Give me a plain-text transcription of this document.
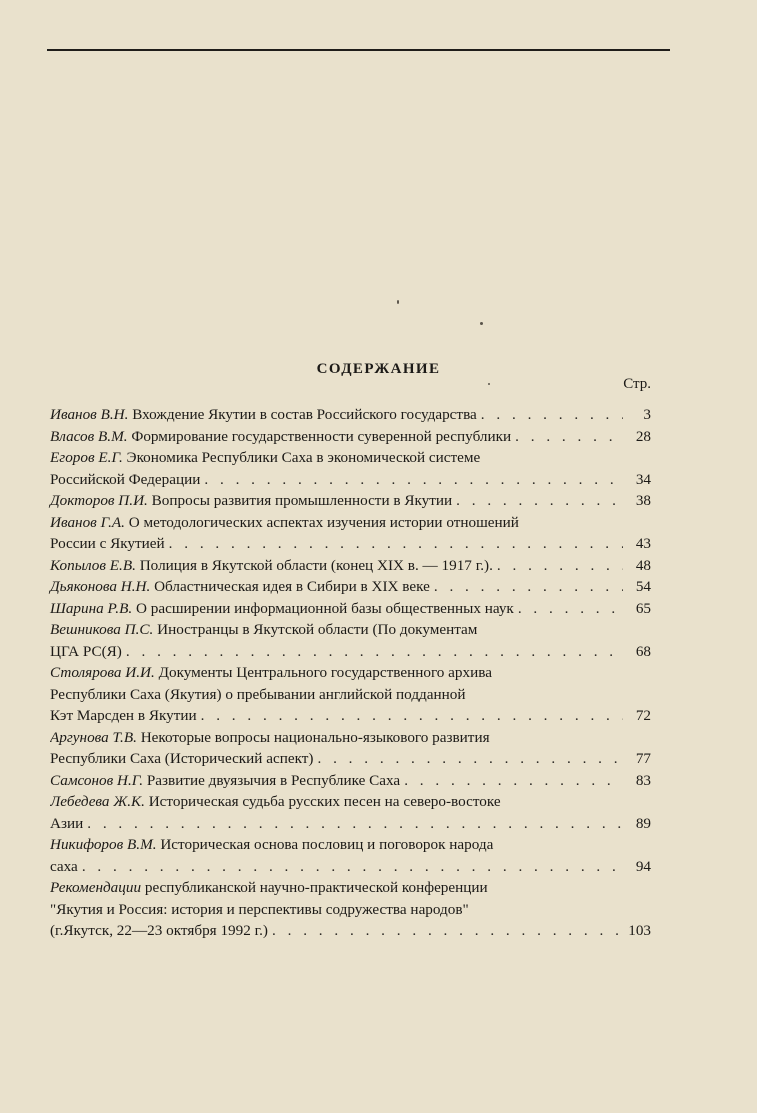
СОДЕРЖАНИЕ
Стр.
Иванов В.Н. Вхождение Якутии в состав Российского государства . . .	3
Власов В.М. Формирование государственности суверенной республики . . .	28
Егоров Е.Г. Экономика Республики Саха в экономической системе
Российской Федерации . . .	34
Докторов П.И. Вопросы развития промышленности в Якутии . . .	38
Иванов Г.А. О методологических аспектах изучения истории отношений
России с Якутией . . .	43
Копылов Е.В. Полиция в Якутской области (конец XIX в. — 1917 г.). . . .	48
Дьяконова Н.Н. Областническая идея в Сибири в XIX веке . . .	54
Шарина Р.В. О расширении информационной базы общественных наук . . .	65
Вешникова П.С. Иностранцы в Якутской области (По документам
ЦГА РС(Я) . . .	68
Столярова И.И. Документы Центрального государственного архива
Республики Саха (Якутия) о пребывании английской подданной
Кэт Марсден в Якутии . . .	72
Аргунова Т.В. Некоторые вопросы национально-языкового развития
Республики Саха (Исторический аспект) . . .	77
Самсонов Н.Г. Развитие двуязычия в Республике Саха . . .	83
Лебедева Ж.К. Историческая судьба русских песен на северо-востоке
Азии . . .	89
Никифоров В.М. Историческая основа пословиц и поговорок народа
саха . . .	94
Рекомендации республиканской научно-практической конференции
"Якутия и Россия: история и перспективы содружества народов"
(г.Якутск, 22—23 октября 1992 г.) . . .	103
